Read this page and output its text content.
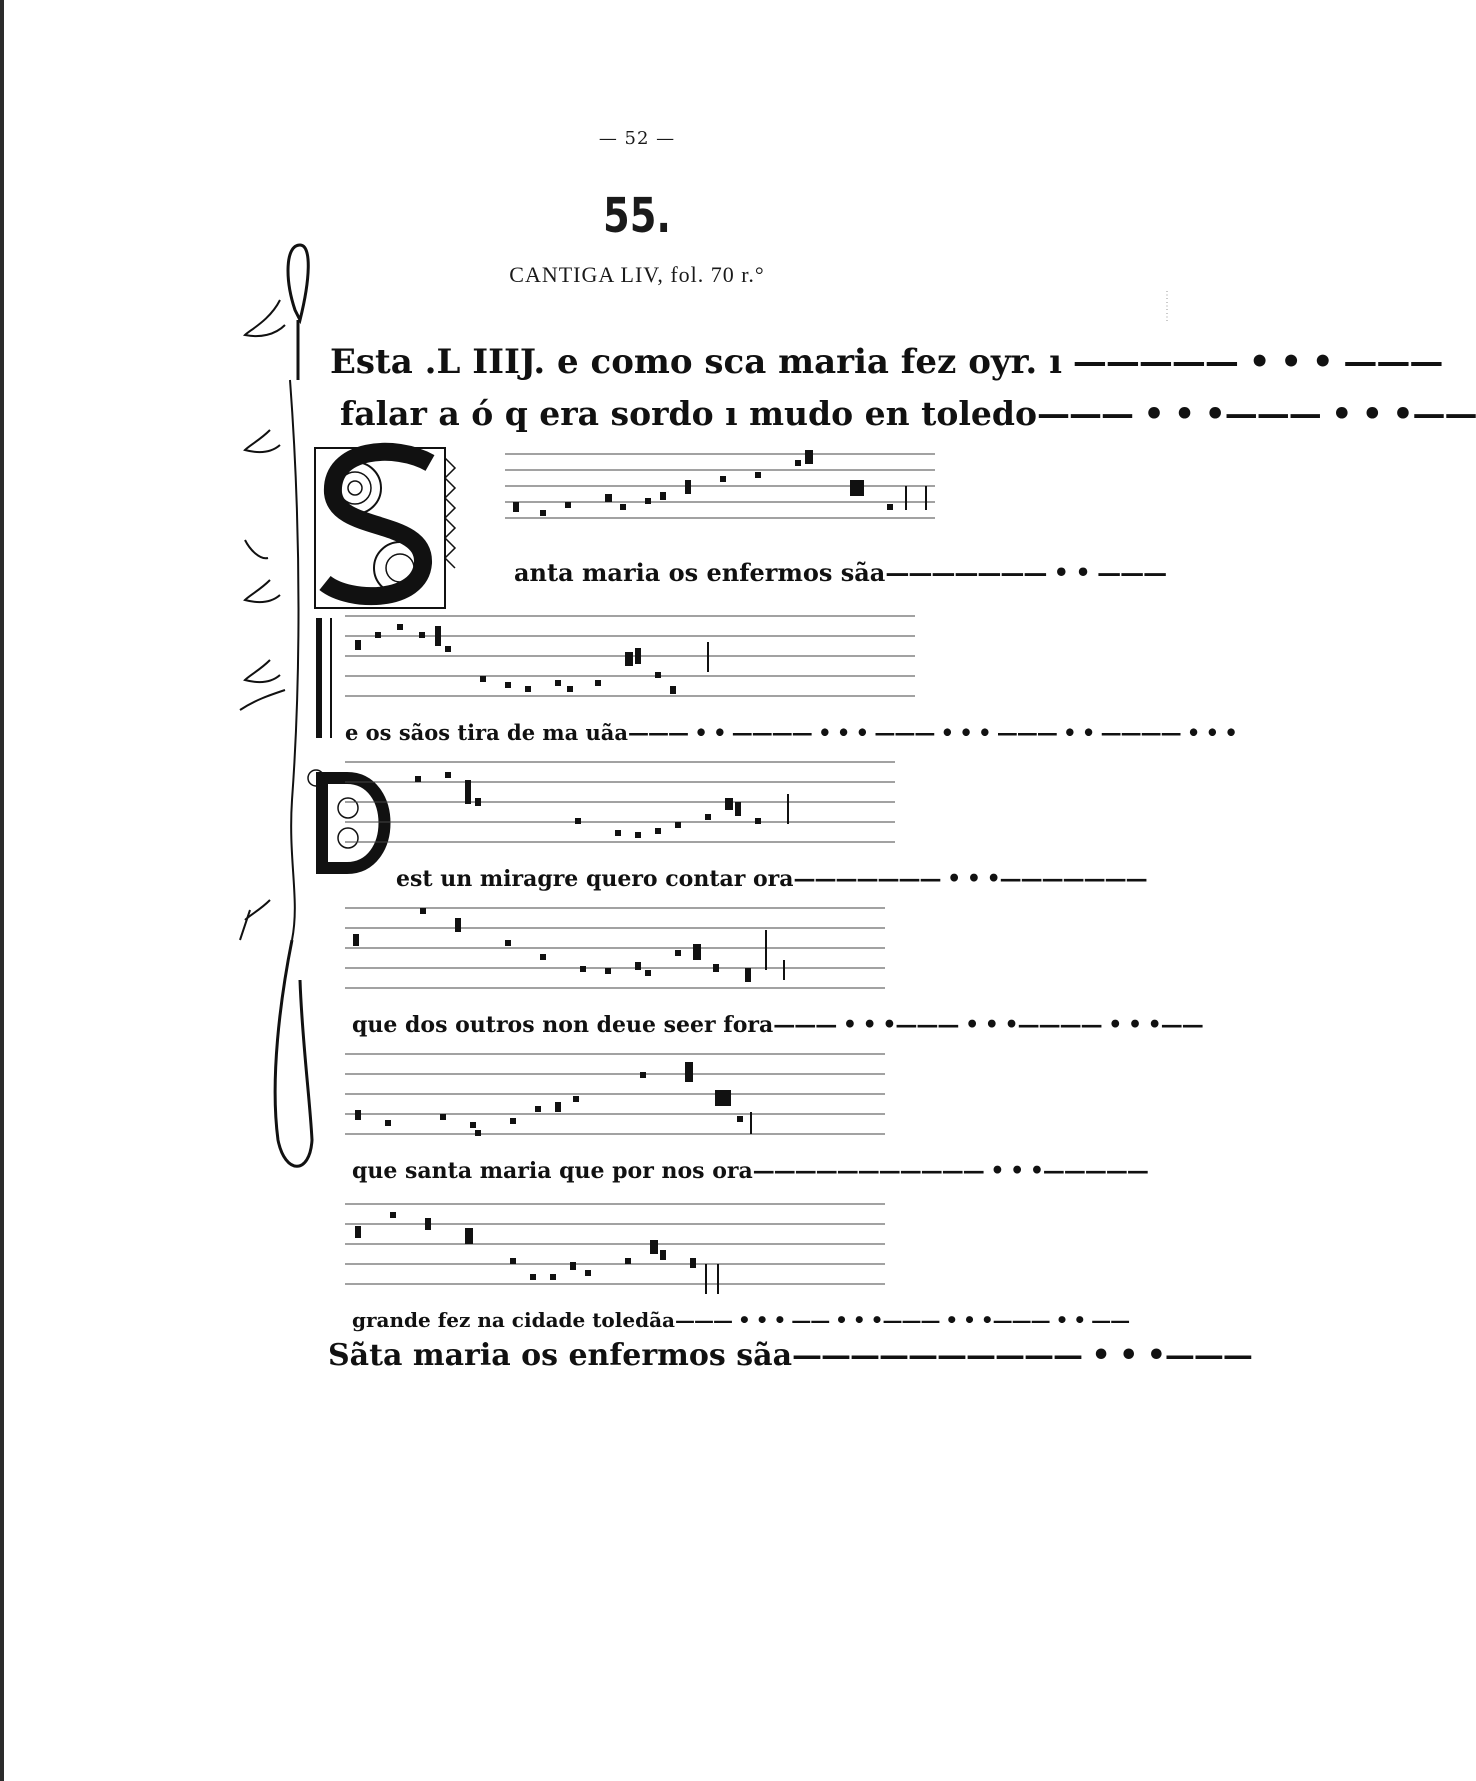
— 52 —
55.
CANTIGA LIV, fol. 70 r.°
Esta .L IIIJ. e como sca maria fez oyr. ı ————— • • • ———
falar a ó q era sordo ı mudo en toledo——— • • •——— • • •——
anta maria os enfermos sãa——————— • • ———
e os sãos tira de ma uãa——— • • ———— • • • ——— • • • ——— • • ———— • • •
est un miragre quero contar ora——————— • • •———————
que dos outros non deue seer fora——— • • •——— • • •———— • • •——
que santa maria que por nos ora——————————— • • •—————
grande fez na cidade toledãa——— • • • —— • • •——— • • •——— • • ——
Sãta maria os enfermos sãa—————————— • • •———
⋮
⋮
⋮
